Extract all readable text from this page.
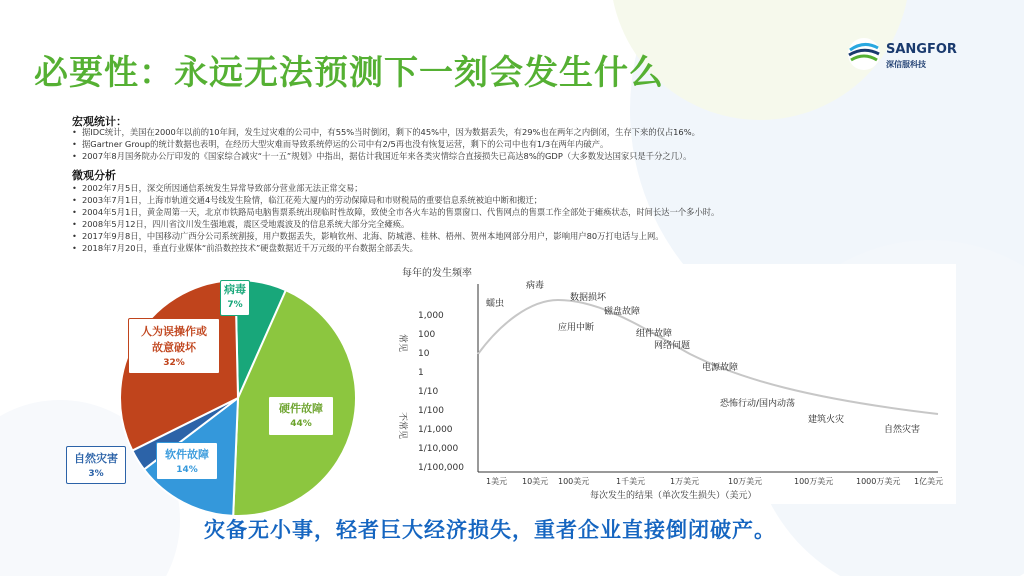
必要性：永远无法预测下一刻会发生什么
SANGFOR
深信服科技
宏观统计：
• 据IDC统计，美国在2000年以前的10年间，发生过灾难的公司中，有55%当时倒闭，剩下的45%中，因为数据丢失，有29%也在两年之内倒闭，生存下来的仅占16%。
• 据Gartner Group的统计数据也表明，在经历大型灾难而导致系统停运的公司中有2/5再也没有恢复运营，剩下的公司中也有1/3在两年内破产。
• 2007年8月国务院办公厅印发的《国家综合减灾“十一五”规划》中指出，据估计我国近年来各类灾情综合直接损失已高达8%的GDP（大多数发达国家只是千分之几）。
微观分析
• 2002年7月5日，深交所因通信系统发生异常导致部分营业部无法正常交易；
• 2003年7月1日，上海市轨道交通4号线发生险情，临江花苑大厦内的劳动保障局和市财税局的重要信息系统被迫中断和搬迁；
• 2004年5月1日，黄金周第一天，北京市铁路局电脑售票系统出现临时性故障，致使全市各火车站的售票窗口、代售网点的售票工作全部处于瘫痪状态，时间长达一个多小时。
• 2008年5月12日，四川省汶川发生强地震，震区受地震波及的信息系统大部分完全瘫痪。
• 2017年9月8日，中国移动广西分公司系统割接，用户数据丢失，影响钦州、北海、防城港、桂林、梧州、贺州本地网部分用户，影响用户80万打电话与上网。
• 2018年7月20日，垂直行业媒体“前沿数控技术”硬盘数据近千万元级的平台数据全部丢失。
病毒
7%
人为误操作或
故意破坏
32%
硬件故障
44%
软件故障
14%
自然灾害
3%
每年的发生频率
常见
不常见
1,000
100
10
1
1/10
1/100
1/1,000
1/10,000
1/100,000
1美元 10美元 100美元	1千美元	1万美元	10万美元	100万美元	1000万美元 1亿美元
每次发生的结果（单次发生损失）（美元）
病毒
蠕虫
数据损坏
磁盘故障
应用中断
组件故障
网络问题
电源故障
恐怖行动/国内动荡
建筑火灾
自然灾害
灾备无小事，轻者巨大经济损失，重者企业直接倒闭破产。
